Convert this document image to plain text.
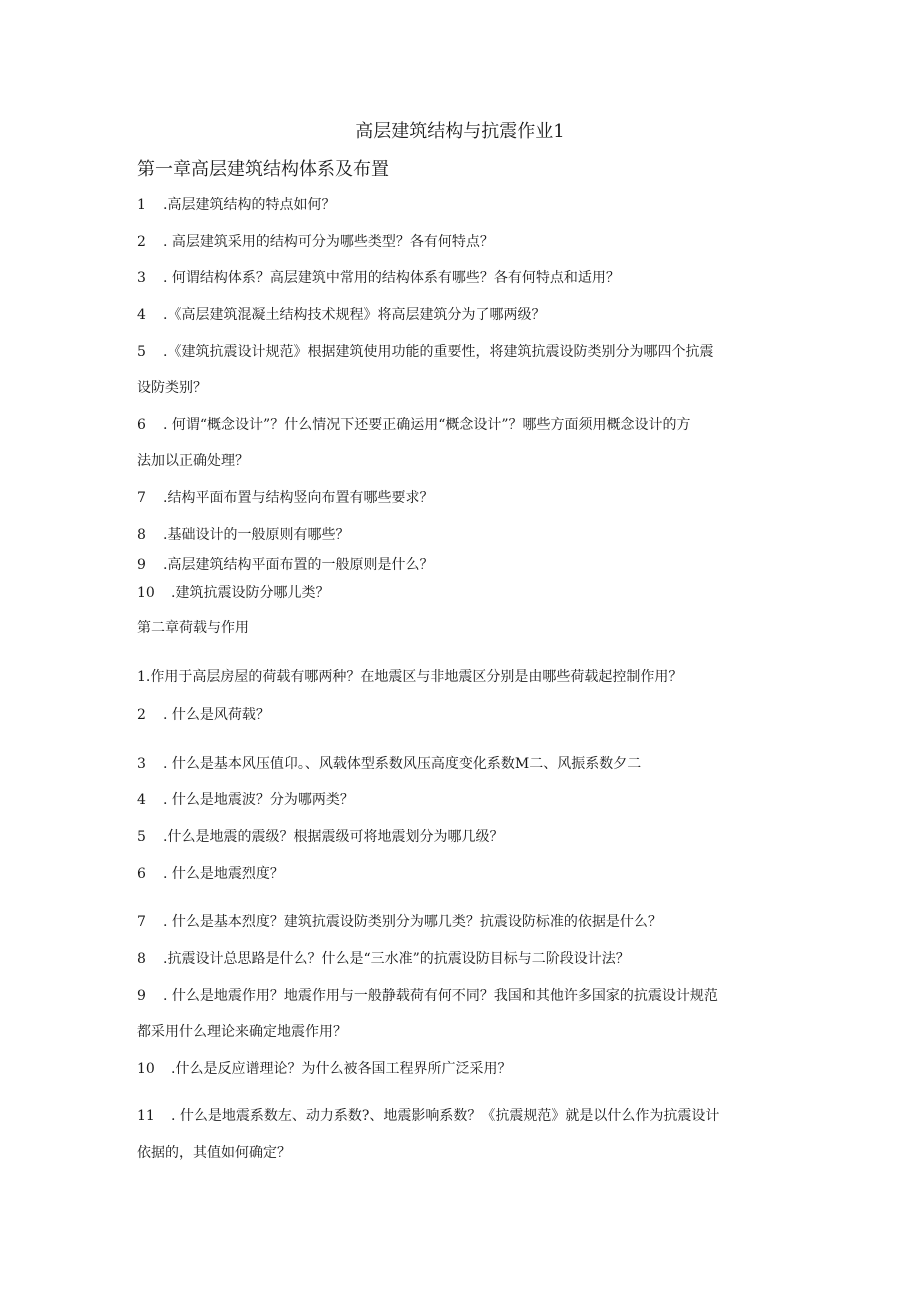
高层建筑结构与抗震作业1
第一章高层建筑结构体系及布置
1 .高层建筑结构的特点如何？
2 . 高层建筑采用的结构可分为哪些类型？各有何特点？
3 . 何谓结构体系？高层建筑中常用的结构体系有哪些？各有何特点和适用？
4 .《高层建筑混凝土结构技术规程》将高层建筑分为了哪两级？
5 .《建筑抗震设计规范》根据建筑使用功能的重要性，将建筑抗震设防类别分为哪四个抗震
设防类别？
6 . 何谓“概念设计”？什么情况下还要正确运用“概念设计”？哪些方面须用概念设计的方
法加以正确处理？
7 .结构平面布置与结构竖向布置有哪些要求？
8 .基础设计的一般原则有哪些？
9 .高层建筑结构平面布置的一般原则是什么？
10 .建筑抗震设防分哪儿类？
第二章荷载与作用
1.作用于高层房屋的荷载有哪两种？在地震区与非地震区分别是由哪些荷载起控制作用？
2 . 什么是风荷载？
3 . 什么是基本风压值卬。、风载体型系数风压高度变化系数M二、风振系数夕二
4 . 什么是地震波？分为哪两类？
5 .什么是地震的震级？根据震级可将地震划分为哪几级？
6 . 什么是地震烈度？
7 . 什么是基本烈度？建筑抗震设防类别分为哪几类？抗震设防标准的依据是什么？
8 .抗震设计总思路是什么？什么是“三水准”的抗震设防目标与二阶段设计法？
9 . 什么是地震作用？地震作用与一般静载荷有何不同？我国和其他许多国家的抗震设计规范
都采用什么理论来确定地震作用？
10 .什么是反应谱理论？为什么被各国工程界所广泛采用？
11 . 什么是地震系数左、动力系数?、地震影响系数？《抗震规范》就是以什么作为抗震设计
依据的，其值如何确定？
